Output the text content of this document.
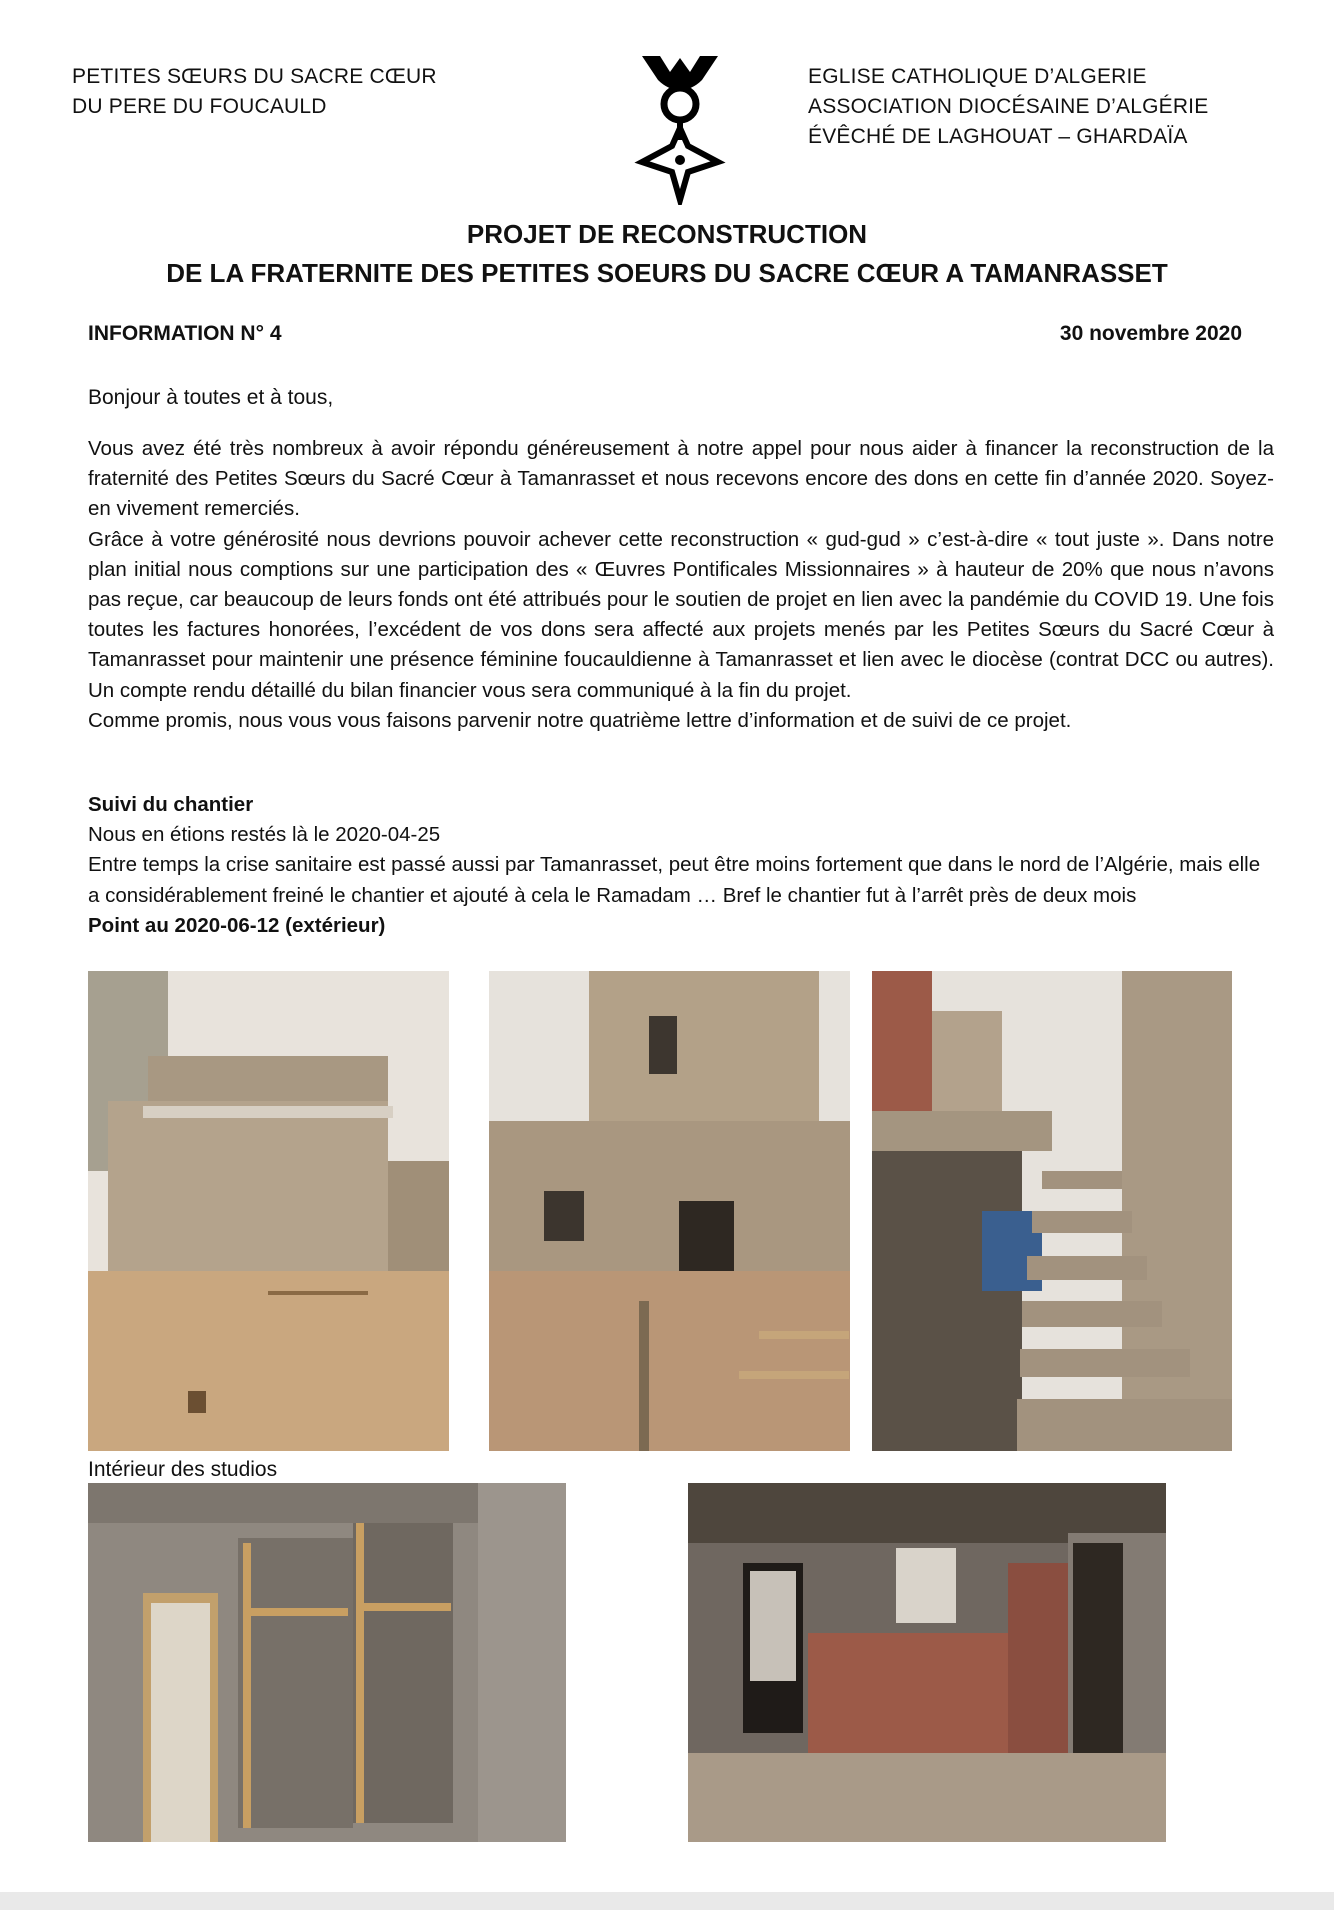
PETITES SŒURS DU SACRE CŒUR
DU PERE DU FOUCAULD
EGLISE CATHOLIQUE D’ALGERIE
ASSOCIATION DIOCÉSAINE D’ALGÉRIE
ÉVÊCHÉ DE LAGHOUAT – GHARDAÏA
PROJET DE RECONSTRUCTION
DE LA FRATERNITE DES PETITES SOEURS DU SACRE CŒUR A TAMANRASSET
INFORMATION N° 4	30 novembre 2020
Bonjour à toutes et à tous,

Vous avez été très nombreux à avoir répondu généreusement à notre appel pour nous aider à financer la reconstruction de la fraternité des Petites Sœurs du Sacré Cœur à Tamanrasset et nous recevons encore des dons en cette fin d’année 2020. Soyez-en vivement remerciés.

Grâce à votre générosité nous devrions pouvoir achever cette reconstruction « gud-gud » c’est-à-dire « tout juste ». Dans notre plan initial nous comptions sur une participation des « Œuvres Pontificales Missionnaires » à hauteur de 20% que nous n’avons pas reçue, car beaucoup de leurs fonds ont été attribués pour le soutien de projet en lien avec la pandémie du COVID 19. Une fois toutes les factures honorées, l’excédent de vos dons sera affecté aux projets menés par les Petites Sœurs du Sacré Cœur à Tamanrasset pour maintenir une présence féminine foucauldienne à Tamanrasset et lien avec le diocèse (contrat DCC ou autres). Un compte rendu détaillé du bilan financier vous sera communiqué à la fin du projet.

Comme promis, nous vous vous faisons parvenir notre quatrième lettre d’information et de suivi de ce projet.

Suivi du chantier

Nous en étions restés là le 2020-04-25

Entre temps la crise sanitaire est passé aussi par Tamanrasset, peut être moins fortement que dans le nord de l’Algérie, mais elle a considérablement freiné le chantier et ajouté à cela le Ramadam … Bref le chantier fut à l’arrêt près de deux mois

Point au 2020-06-12 (extérieur)

Intérieur des studios
